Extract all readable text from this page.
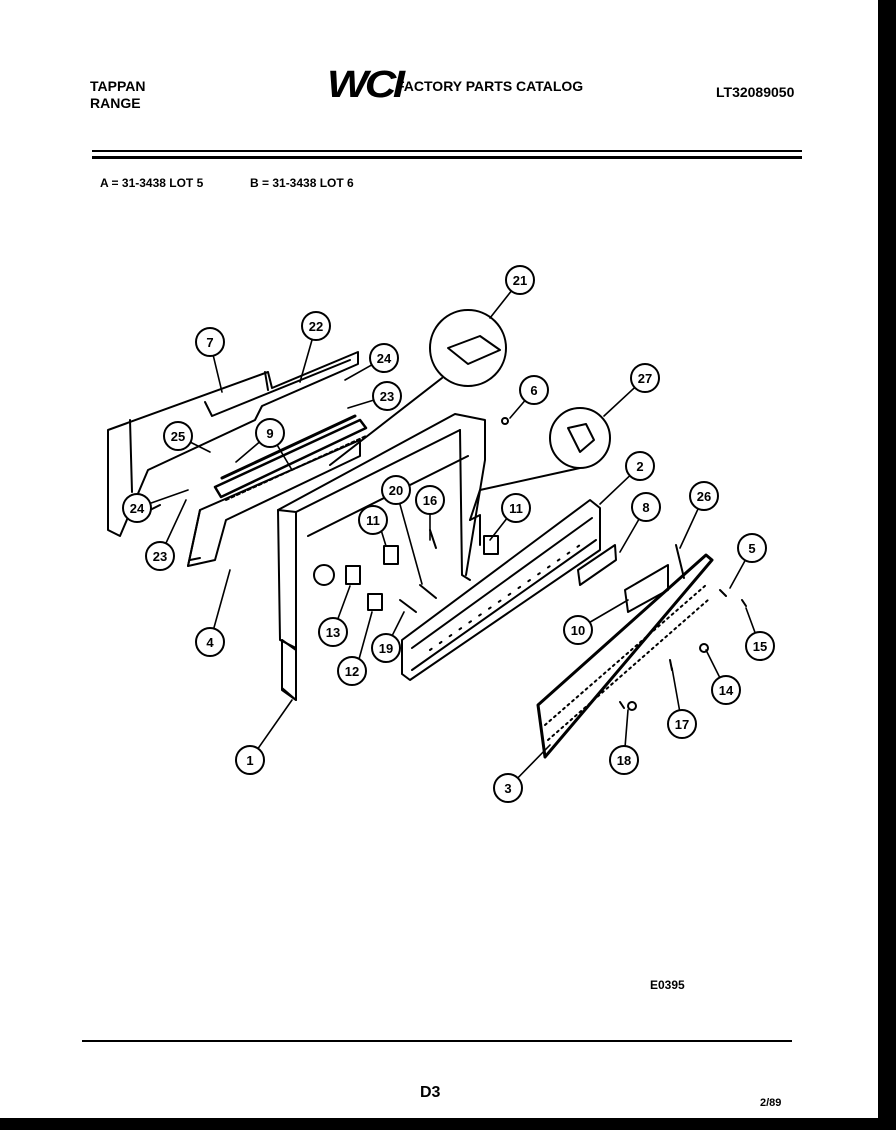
TAPPAN
RANGE	WCI
FACTORY PARTS CATALOG	LT32089050
A = 31-3438 LOT 5	B = 31-3438 LOT 6
1
2
3
4
5
6
7
8
9
10
11
11
12
13
14
15
16
17
18
19
20
21
22
23
23
24
24
25
26
27
E0395
D3
2/89
